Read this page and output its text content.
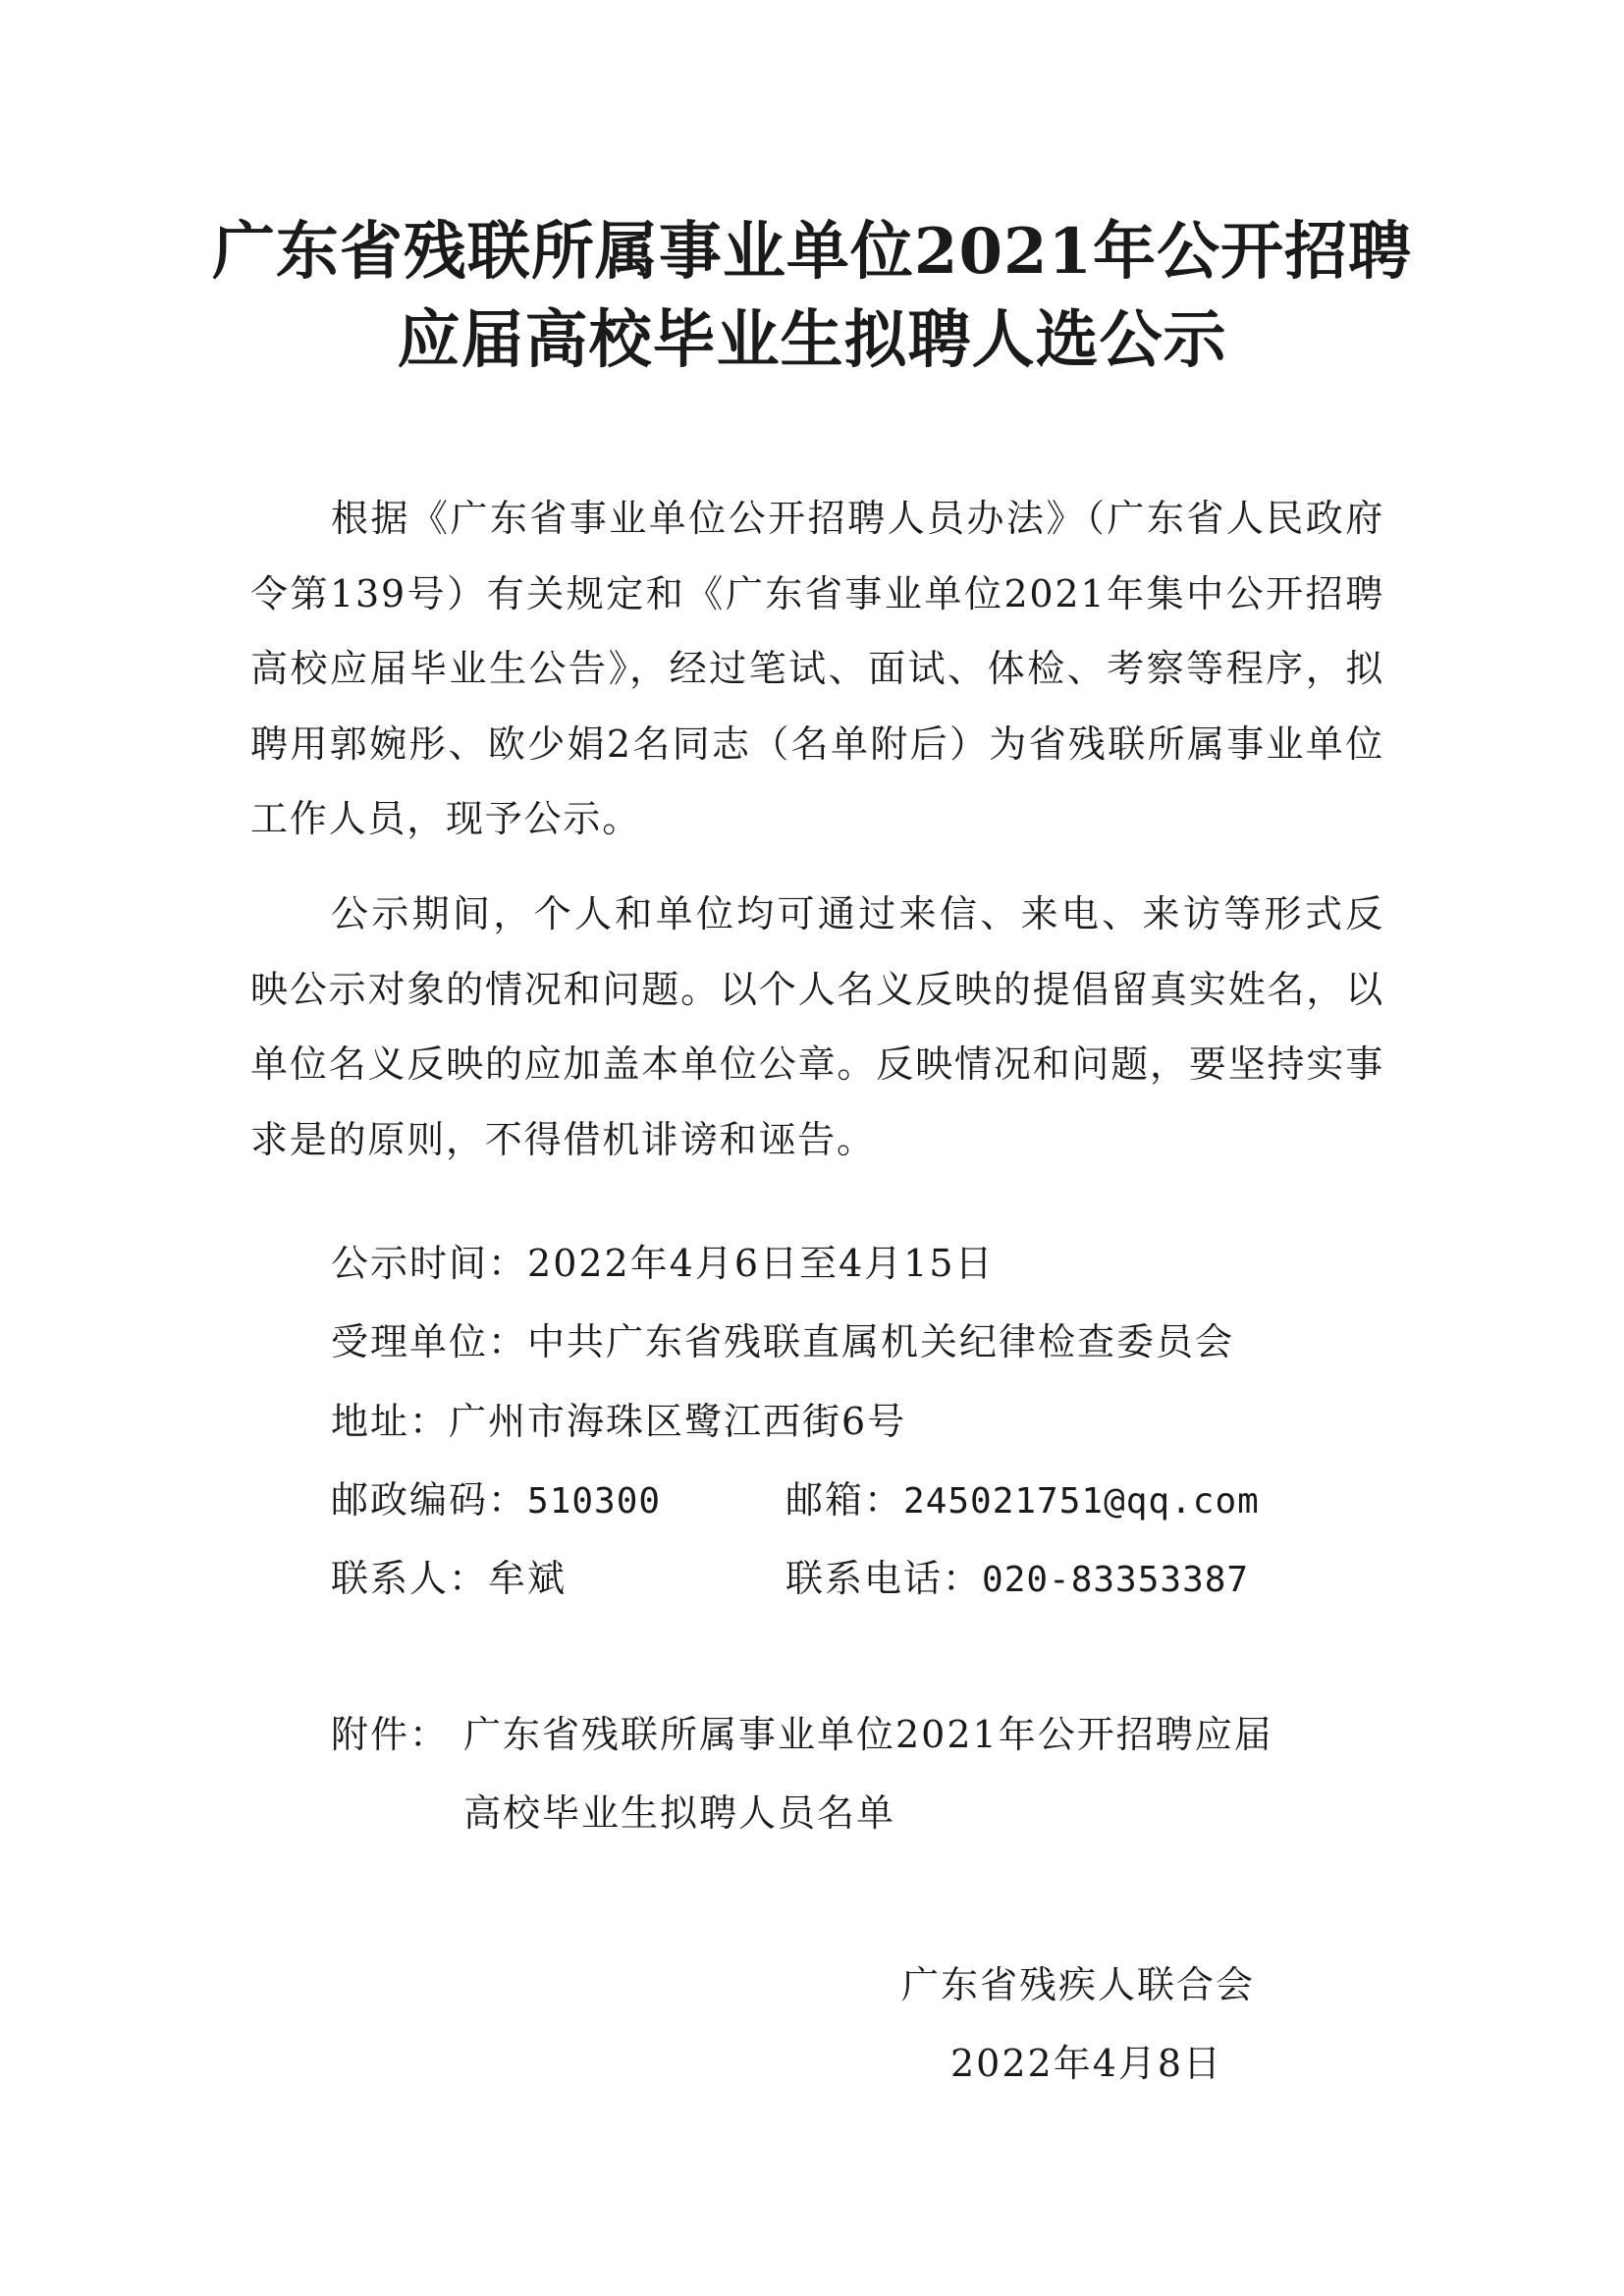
广东省残联所属事业单位2021年公开招聘
应届高校毕业生拟聘人选公示
根据《广东省事业单位公开招聘人员办法》（广东省人民政府令第139号）有关规定和《广东省事业单位2021年集中公开招聘高校应届毕业生公告》，经过笔试、面试、体检、考察等程序，拟聘用郭婉彤、欧少娟2名同志（名单附后）为省残联所属事业单位工作人员，现予公示。
公示期间，个人和单位均可通过来信、来电、来访等形式反映公示对象的情况和问题。以个人名义反映的提倡留真实姓名，以单位名义反映的应加盖本单位公章。反映情况和问题，要坚持实事求是的原则，不得借机诽谤和诬告。
公示时间：2022年4月6日至4月15日
受理单位：中共广东省残联直属机关纪律检查委员会
地址：广州市海珠区鹭江西街6号
邮政编码：510300	邮箱：245021751@qq.com
联系人：牟斌	联系电话：020-83353387
附件： 广东省残联所属事业单位2021年公开招聘应届
高校毕业生拟聘人员名单
广东省残疾人联合会
2022年4月8日
